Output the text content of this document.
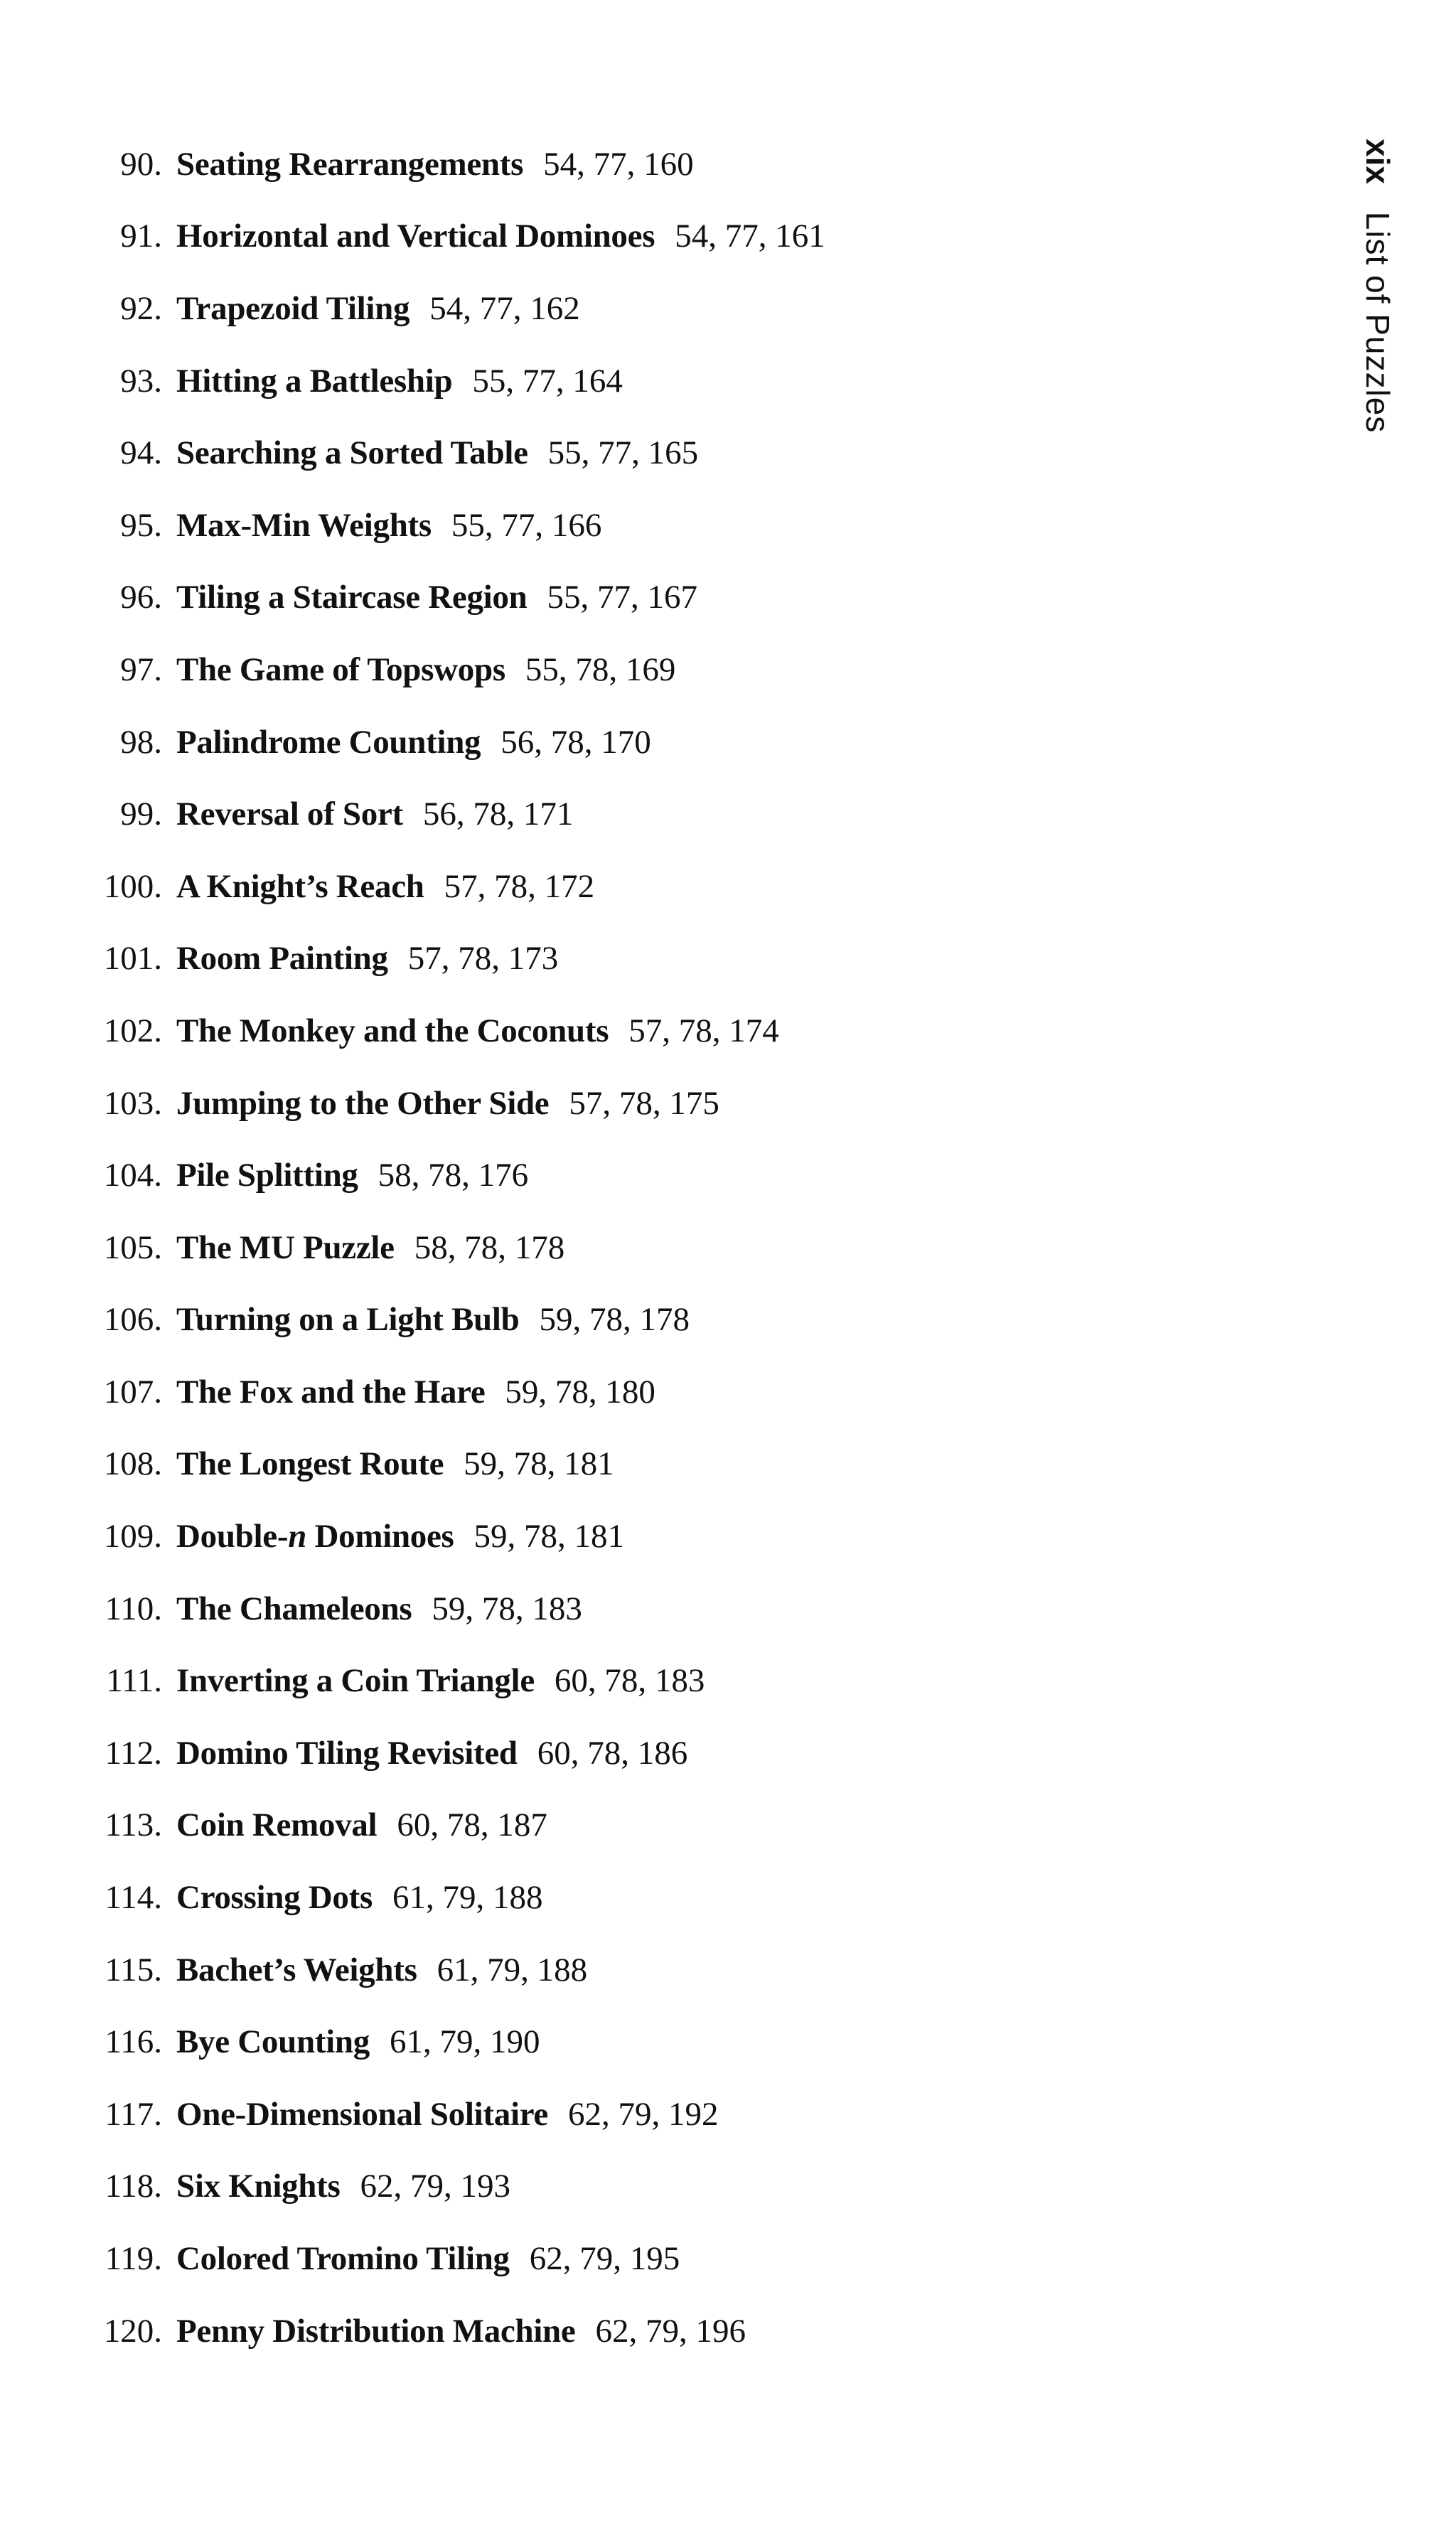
90. Seating Rearrangements 54, 77, 160
91. Horizontal and Vertical Dominoes 54, 77, 161
92. Trapezoid Tiling 54, 77, 162
93. Hitting a Battleship 55, 77, 164
94. Searching a Sorted Table 55, 77, 165
95. Max-Min Weights 55, 77, 166
96. Tiling a Staircase Region 55, 77, 167
97. The Game of Topswops 55, 78, 169
98. Palindrome Counting 56, 78, 170
99. Reversal of Sort 56, 78, 171
100. A Knight’s Reach 57, 78, 172
101. Room Painting 57, 78, 173
102. The Monkey and the Coconuts 57, 78, 174
103. Jumping to the Other Side 57, 78, 175
104. Pile Splitting 58, 78, 176
105. The MU Puzzle 58, 78, 178
106. Turning on a Light Bulb 59, 78, 178
107. The Fox and the Hare 59, 78, 180
108. The Longest Route 59, 78, 181
109. Double-n Dominoes 59, 78, 181
110. The Chameleons 59, 78, 183
111. Inverting a Coin Triangle 60, 78, 183
112. Domino Tiling Revisited 60, 78, 186
113. Coin Removal 60, 78, 187
114. Crossing Dots 61, 79, 188
115. Bachet’s Weights 61, 79, 188
116. Bye Counting 61, 79, 190
117. One-Dimensional Solitaire 62, 79, 192
118. Six Knights 62, 79, 193
119. Colored Tromino Tiling 62, 79, 195
120. Penny Distribution Machine 62, 79, 196
xix List of Puzzles
